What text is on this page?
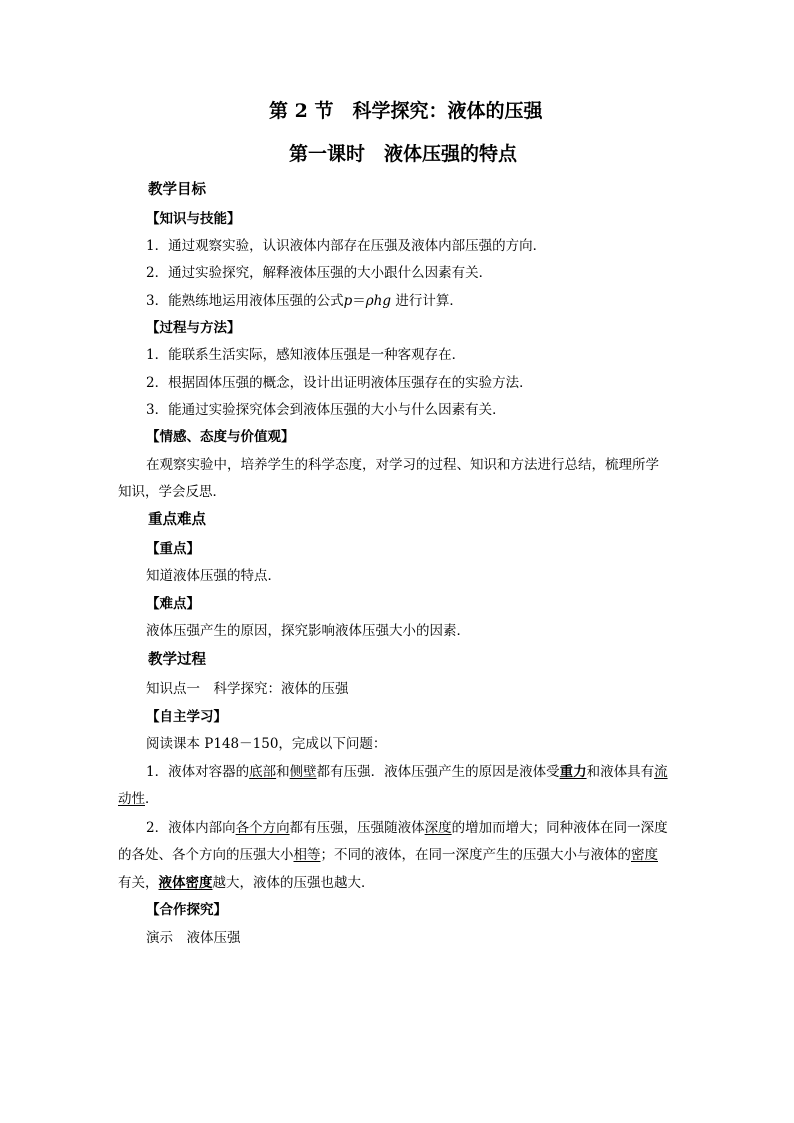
第 2 节　科学探究：液体的压强
第一课时　液体压强的特点
教学目标
【知识与技能】
1．通过观察实验，认识液体内部存在压强及液体内部压强的方向．
2．通过实验探究，解释液体压强的大小跟什么因素有关．
3．能熟练地运用液体压强的公式p＝ρhg 进行计算．
【过程与方法】
1．能联系生活实际，感知液体压强是一种客观存在．
2．根据固体压强的概念，设计出证明液体压强存在的实验方法．
3．能通过实验探究体会到液体压强的大小与什么因素有关．
【情感、态度与价值观】
在观察实验中，培养学生的科学态度，对学习的过程、知识和方法进行总结，梳理所学
知识，学会反思．
重点难点
【重点】
知道液体压强的特点．
【难点】
液体压强产生的原因，探究影响液体压强大小的因素．
教学过程
知识点一　科学探究：液体的压强
【自主学习】
阅读课本 P148－150，完成以下问题：
1．液体对容器的底部和侧壁都有压强．液体压强产生的原因是液体受重力和液体具有流
动性．
2．液体内部向各个方向都有压强，压强随液体深度的增加而增大；同种液体在同一深度
的各处、各个方向的压强大小相等；不同的液体，在同一深度产生的压强大小与液体的密度
有关，液体密度越大，液体的压强也越大．
【合作探究】
演示　液体压强
